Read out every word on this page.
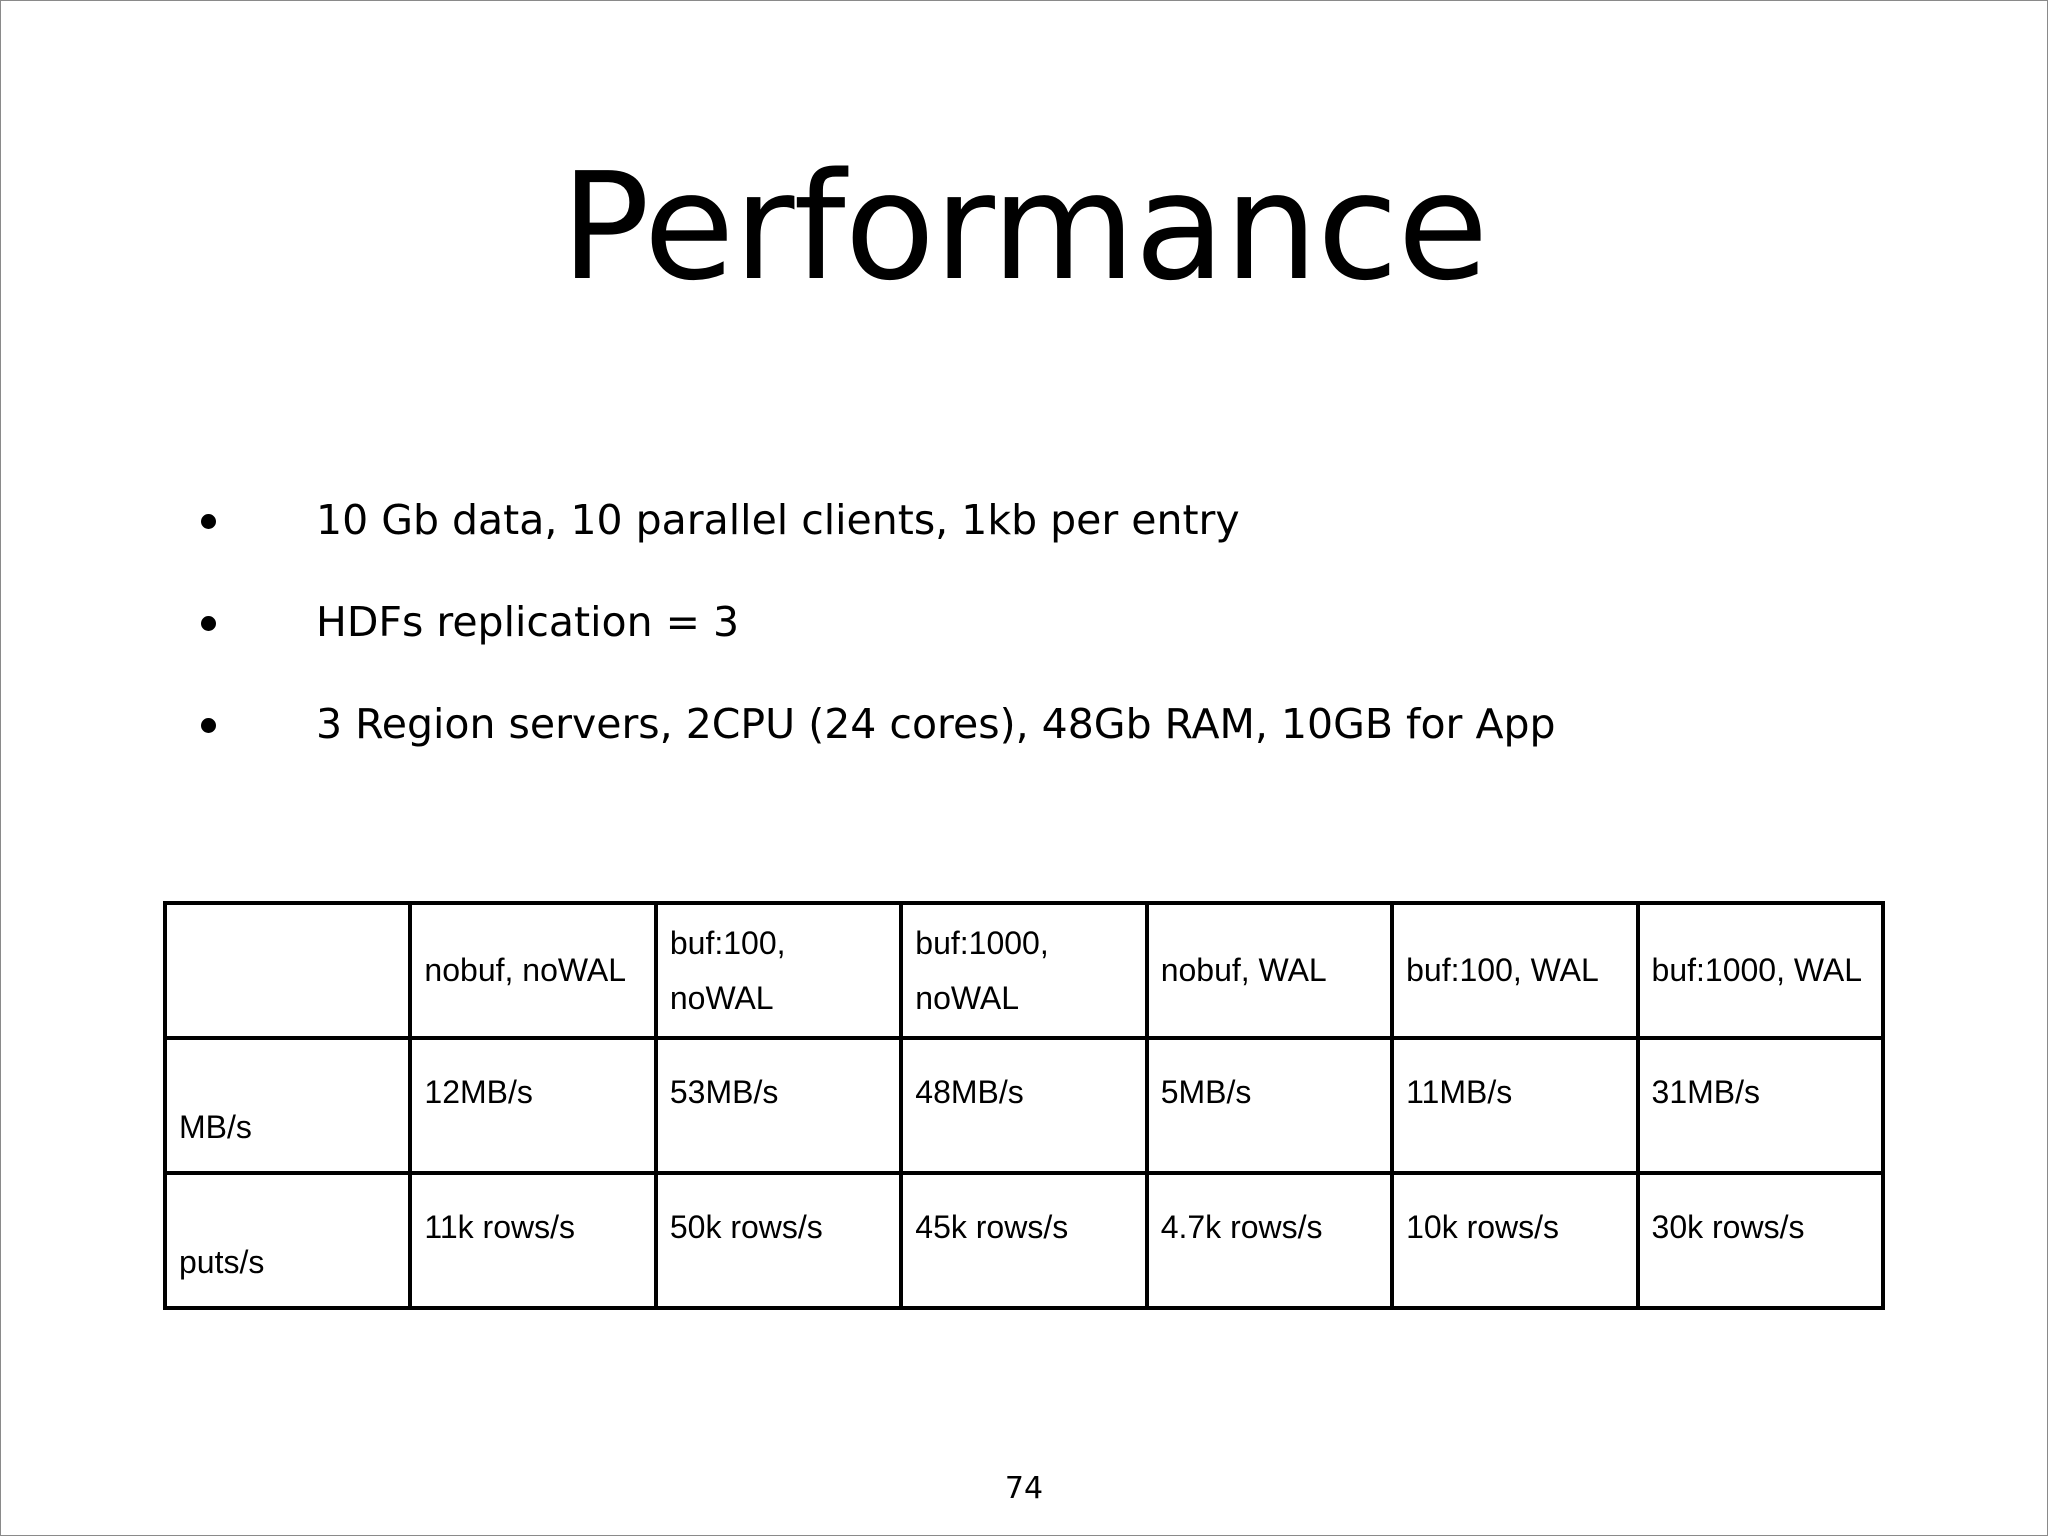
Performance
10 Gb data, 10 parallel clients, 1kb per entry
HDFs replication = 3
3 Region servers, 2CPU (24 cores), 48Gb RAM, 10GB for App

	nobuf, noWAL	buf:100, noWAL	buf:1000, noWAL	nobuf, WAL	buf:100, WAL	buf:1000, WAL

MB/s	12MB/s	53MB/s	48MB/s	5MB/s	11MB/s	31MB/s

puts/s	11k rows/s	50k rows/s	45k rows/s	4.7k rows/s	10k rows/s	30k rows/s
74
